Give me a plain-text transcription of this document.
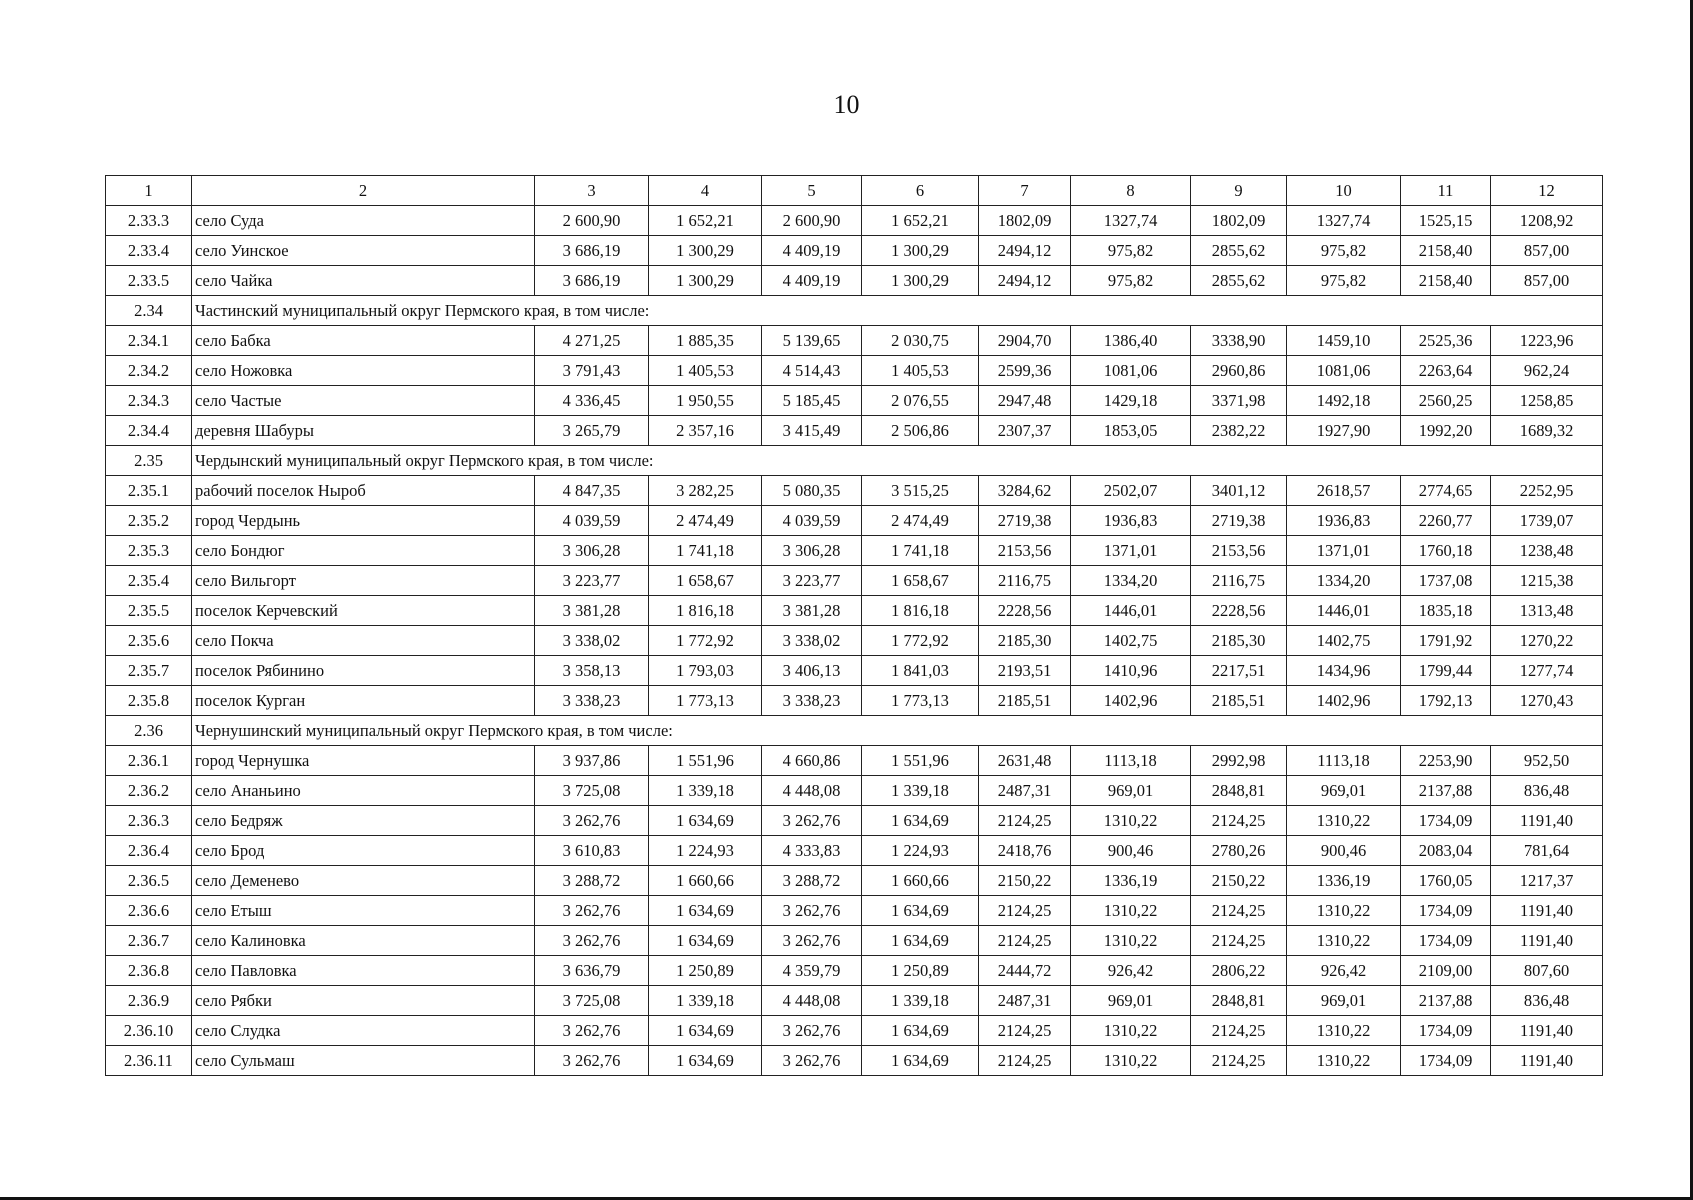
10
1	2	3	4	5	6	7	8	9	10	11	12
2.33.3	село Суда	2 600,90	1 652,21	2 600,90	1 652,21	1802,09	1327,74	1802,09	1327,74	1525,15	1208,92
2.33.4	село Уинское	3 686,19	1 300,29	4 409,19	1 300,29	2494,12	975,82	2855,62	975,82	2158,40	857,00
2.33.5	село Чайка	3 686,19	1 300,29	4 409,19	1 300,29	2494,12	975,82	2855,62	975,82	2158,40	857,00
2.34	Частинский муниципальный округ Пермского края, в том числе:										
2.34.1	село Бабка	4 271,25	1 885,35	5 139,65	2 030,75	2904,70	1386,40	3338,90	1459,10	2525,36	1223,96
2.34.2	село Ножовка	3 791,43	1 405,53	4 514,43	1 405,53	2599,36	1081,06	2960,86	1081,06	2263,64	962,24
2.34.3	село Частые	4 336,45	1 950,55	5 185,45	2 076,55	2947,48	1429,18	3371,98	1492,18	2560,25	1258,85
2.34.4	деревня Шабуры	3 265,79	2 357,16	3 415,49	2 506,86	2307,37	1853,05	2382,22	1927,90	1992,20	1689,32
2.35	Чердынский муниципальный округ Пермского края, в том числе:										
2.35.1	рабочий поселок Ныроб	4 847,35	3 282,25	5 080,35	3 515,25	3284,62	2502,07	3401,12	2618,57	2774,65	2252,95
2.35.2	город Чердынь	4 039,59	2 474,49	4 039,59	2 474,49	2719,38	1936,83	2719,38	1936,83	2260,77	1739,07
2.35.3	село Бондюг	3 306,28	1 741,18	3 306,28	1 741,18	2153,56	1371,01	2153,56	1371,01	1760,18	1238,48
2.35.4	село Вильгорт	3 223,77	1 658,67	3 223,77	1 658,67	2116,75	1334,20	2116,75	1334,20	1737,08	1215,38
2.35.5	поселок Керчевский	3 381,28	1 816,18	3 381,28	1 816,18	2228,56	1446,01	2228,56	1446,01	1835,18	1313,48
2.35.6	село Покча	3 338,02	1 772,92	3 338,02	1 772,92	2185,30	1402,75	2185,30	1402,75	1791,92	1270,22
2.35.7	поселок Рябинино	3 358,13	1 793,03	3 406,13	1 841,03	2193,51	1410,96	2217,51	1434,96	1799,44	1277,74
2.35.8	поселок Курган	3 338,23	1 773,13	3 338,23	1 773,13	2185,51	1402,96	2185,51	1402,96	1792,13	1270,43
2.36	Чернушинский муниципальный округ Пермского края, в том числе:										
2.36.1	город Чернушка	3 937,86	1 551,96	4 660,86	1 551,96	2631,48	1113,18	2992,98	1113,18	2253,90	952,50
2.36.2	село Ананьино	3 725,08	1 339,18	4 448,08	1 339,18	2487,31	969,01	2848,81	969,01	2137,88	836,48
2.36.3	село Бедряж	3 262,76	1 634,69	3 262,76	1 634,69	2124,25	1310,22	2124,25	1310,22	1734,09	1191,40
2.36.4	село Брод	3 610,83	1 224,93	4 333,83	1 224,93	2418,76	900,46	2780,26	900,46	2083,04	781,64
2.36.5	село Деменево	3 288,72	1 660,66	3 288,72	1 660,66	2150,22	1336,19	2150,22	1336,19	1760,05	1217,37
2.36.6	село Етыш	3 262,76	1 634,69	3 262,76	1 634,69	2124,25	1310,22	2124,25	1310,22	1734,09	1191,40
2.36.7	село Калиновка	3 262,76	1 634,69	3 262,76	1 634,69	2124,25	1310,22	2124,25	1310,22	1734,09	1191,40
2.36.8	село Павловка	3 636,79	1 250,89	4 359,79	1 250,89	2444,72	926,42	2806,22	926,42	2109,00	807,60
2.36.9	село Рябки	3 725,08	1 339,18	4 448,08	1 339,18	2487,31	969,01	2848,81	969,01	2137,88	836,48
2.36.10	село Слудка	3 262,76	1 634,69	3 262,76	1 634,69	2124,25	1310,22	2124,25	1310,22	1734,09	1191,40
2.36.11	село Сульмаш	3 262,76	1 634,69	3 262,76	1 634,69	2124,25	1310,22	2124,25	1310,22	1734,09	1191,40
